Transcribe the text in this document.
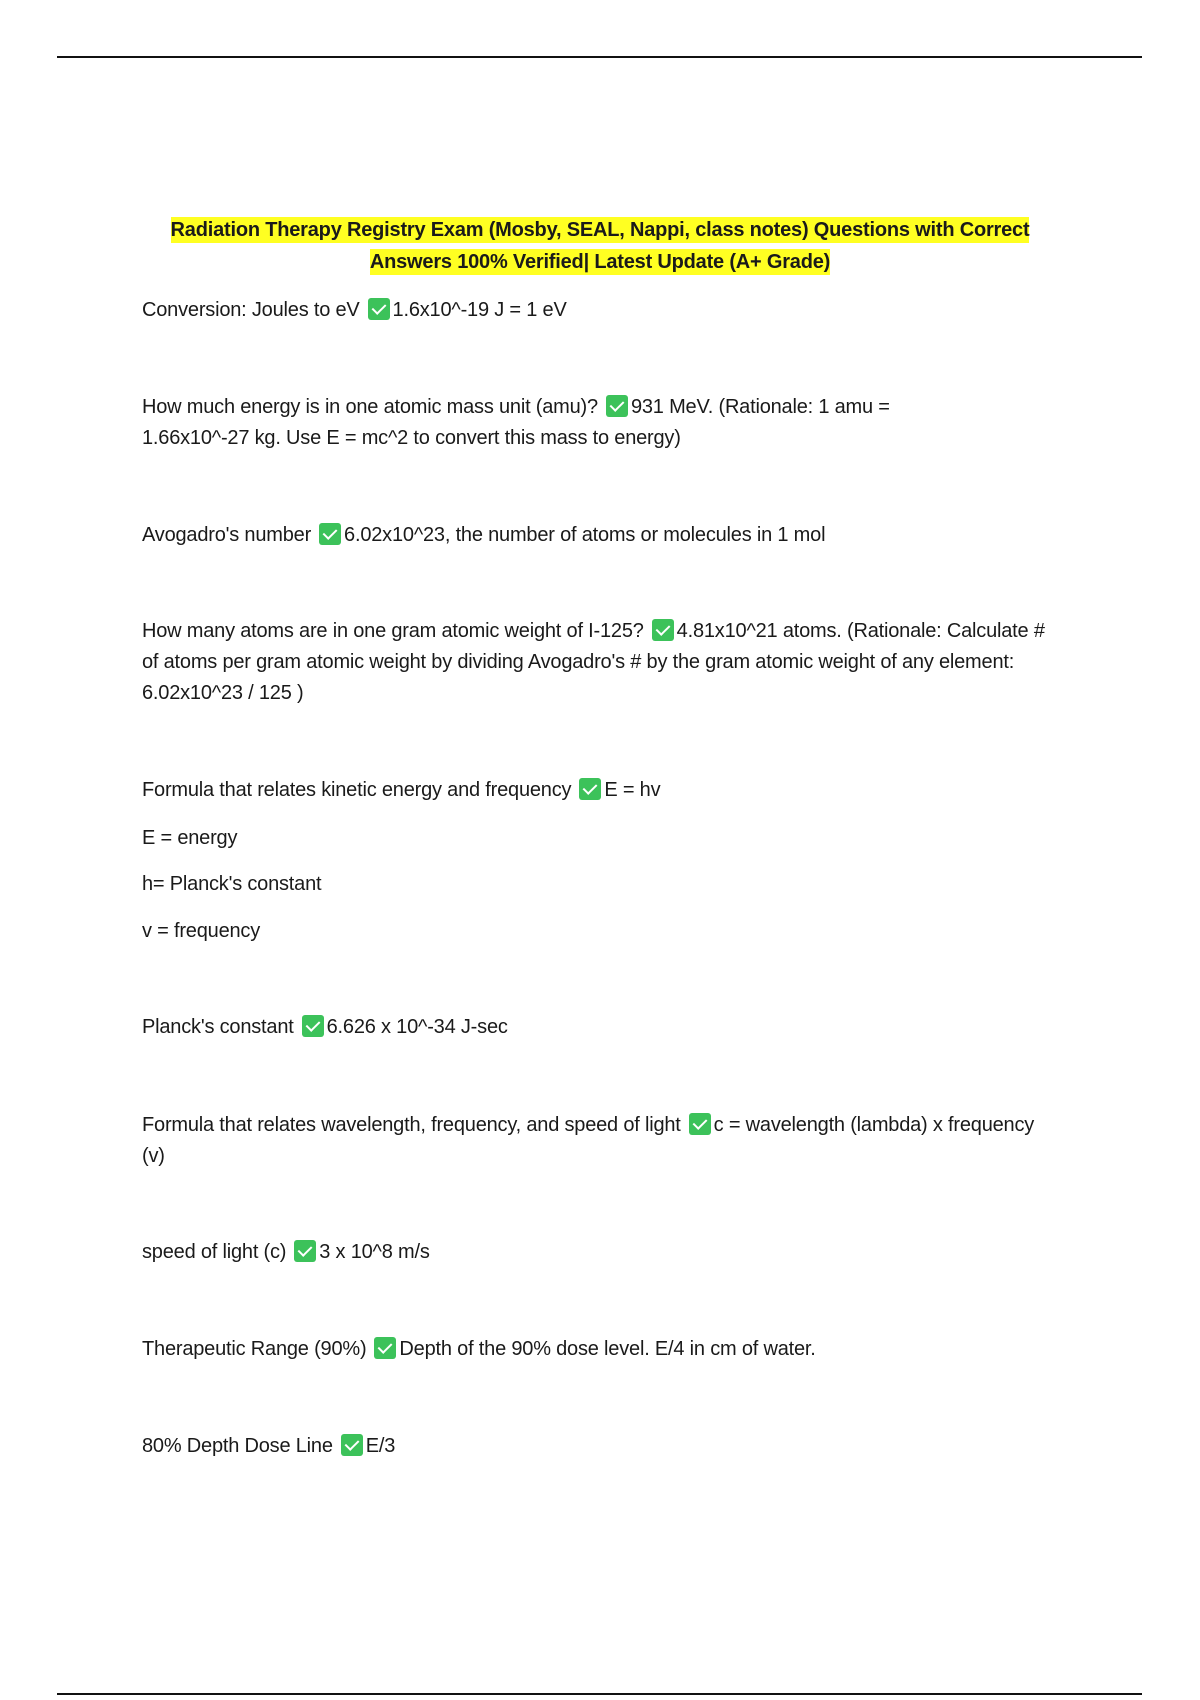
Radiation Therapy Registry Exam (Mosby, SEAL, Nappi, class notes) Questions with Correct Answers 100% Verified| Latest Update (A+ Grade)

Conversion: Joules to eV 1.6x10^-19 J = 1 eV

How much energy is in one atomic mass unit (amu)? 931 MeV. (Rationale: 1 amu = 1.66x10^-27 kg. Use E = mc^2 to convert this mass to energy)

Avogadro's number 6.02x10^23, the number of atoms or molecules in 1 mol

How many atoms are in one gram atomic weight of I-125? 4.81x10^21 atoms. (Rationale: Calculate # of atoms per gram atomic weight by dividing Avogadro's # by the gram atomic weight of any element: 6.02x10^23 / 125 )

Formula that relates kinetic energy and frequency E = hv

E = energy
h= Planck's constant
v = frequency

Planck's constant 6.626 x 10^-34 J-sec

Formula that relates wavelength, frequency, and speed of light c = wavelength (lambda) x frequency (v)

speed of light (c) 3 x 10^8 m/s

Therapeutic Range (90%) Depth of the 90% dose level. E/4 in cm of water.

80% Depth Dose Line E/3
